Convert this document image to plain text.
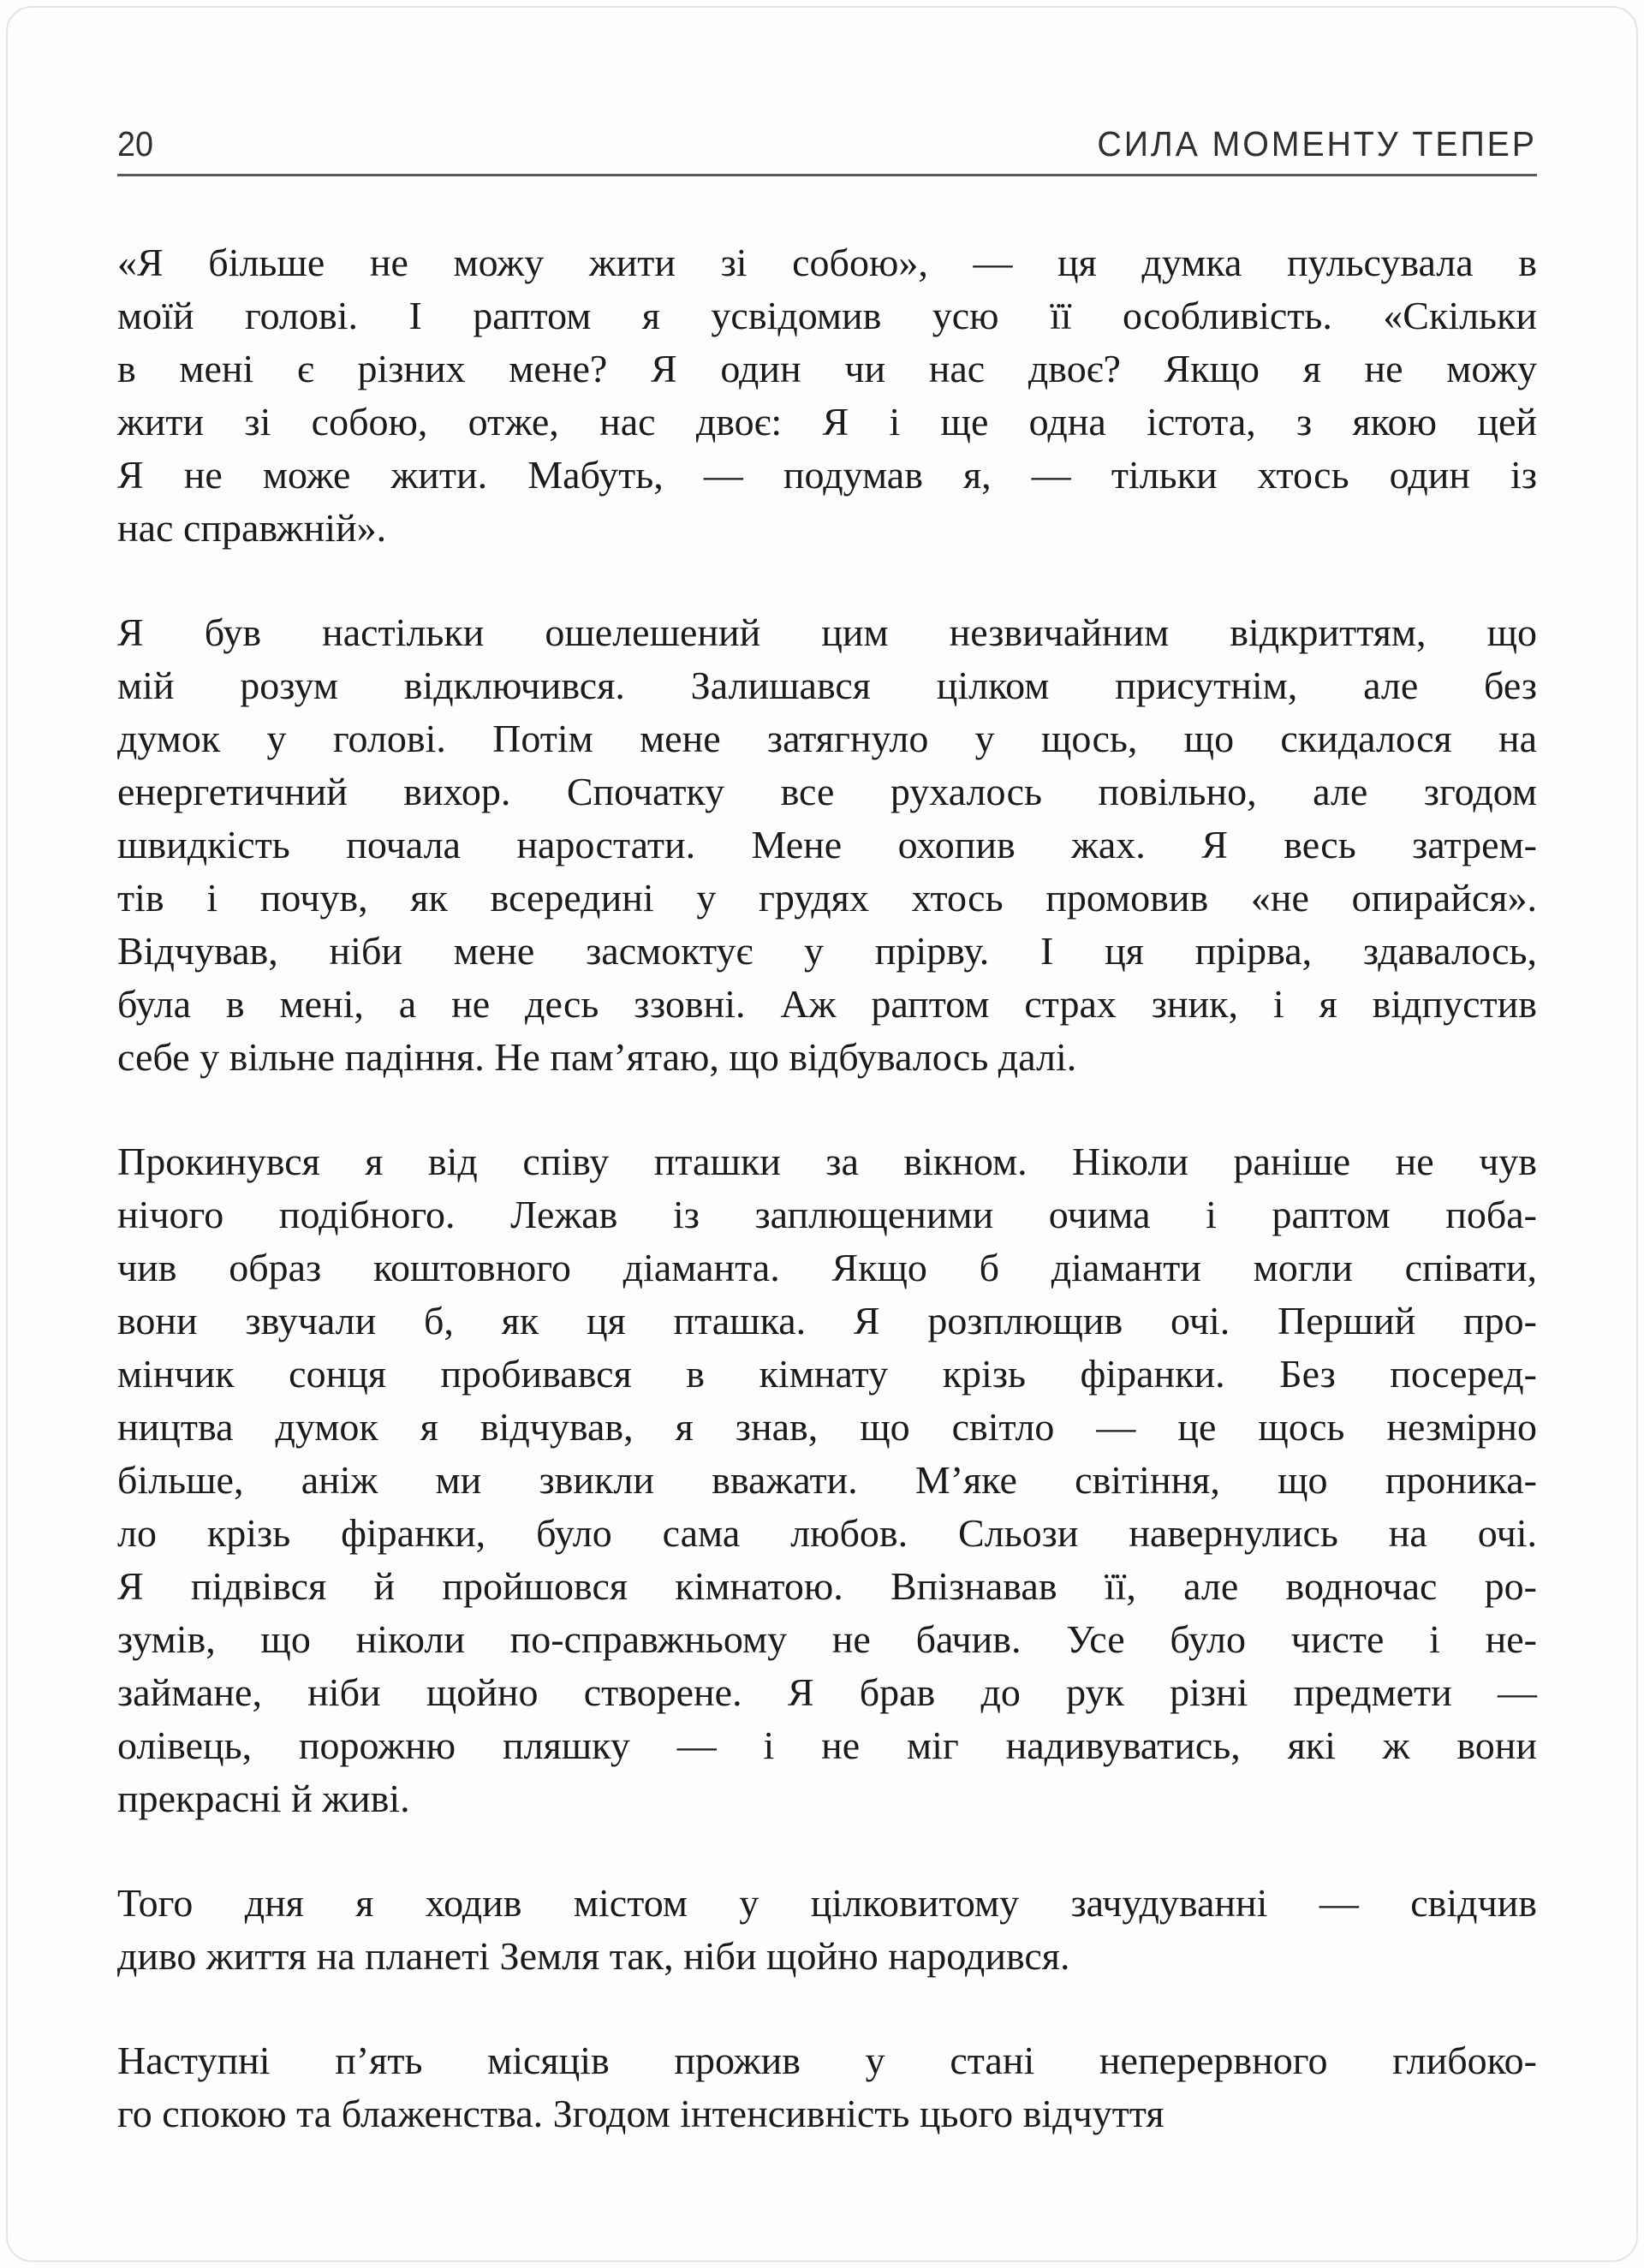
20	СИЛА МОМЕНТУ ТЕПЕР

«Я більше не можу жити зі собою», — ця думка пульсувала в
моїй голові. І раптом я усвідомив усю її особливість. «Скільки
в мені є різних мене? Я один чи нас двоє? Якщо я не можу
жити зі собою, отже, нас двоє: Я і ще одна істота, з якою цей
Я не може жити. Мабуть, — подумав я, — тільки хтось один із
нас справжній».

Я був настільки ошелешений цим незвичайним відкриттям, що
мій розум відключився. Залишався цілком присутнім, але без
думок у голові. Потім мене затягнуло у щось, що скидалося на
енергетичний вихор. Спочатку все рухалось повільно, але згодом
швидкість почала наростати. Мене охопив жах. Я весь затрем-
тів і почув, як всередині у грудях хтось промовив «не опирайся».
Відчував, ніби мене засмоктує у прірву. І ця прірва, здавалось,
була в мені, а не десь ззовні. Аж раптом страх зник, і я відпустив
себе у вільне падіння. Не пам’ятаю, що відбувалось далі.

Прокинувся я від співу пташки за вікном. Ніколи раніше не чув
нічого подібного. Лежав із заплющеними очима і раптом поба-
чив образ коштовного діаманта. Якщо б діаманти могли співати,
вони звучали б, як ця пташка. Я розплющив очі. Перший про-
мінчик сонця пробивався в кімнату крізь фіранки. Без посеред-
ництва думок я відчував, я знав, що світло — це щось незмірно
більше, аніж ми звикли вважати. М’яке світіння, що проника-
ло крізь фіранки, було сама любов. Сльози навернулись на очі.
Я підвівся й пройшовся кімнатою. Впізнавав її, але водночас ро-
зумів, що ніколи по-справжньому не бачив. Усе було чисте і не-
займане, ніби щойно створене. Я брав до рук різні предмети —
олівець, порожню пляшку — і не міг надивуватись, які ж вони
прекрасні й живі.

Того дня я ходив містом у цілковитому зачудуванні — свідчив
диво життя на планеті Земля так, ніби щойно народився.

Наступні п’ять місяців прожив у стані неперервного глибоко-
го спокою та блаженства. Згодом інтенсивність цього відчуття
